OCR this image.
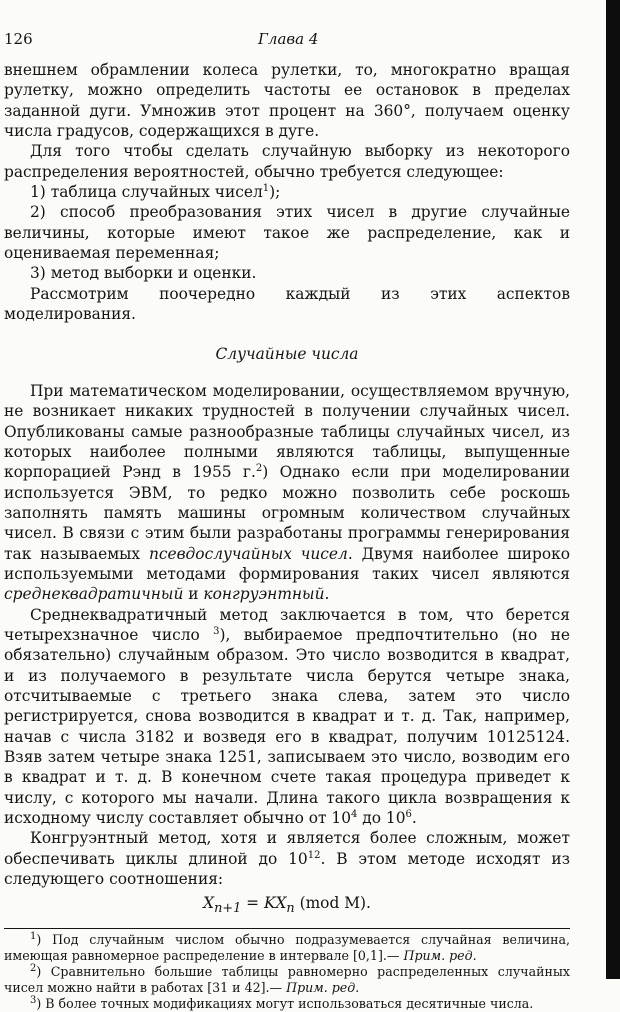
126	Глава 4

внешнем обрамлении колеса рулетки, то, многократно вращая рулетку, можно определить частоты ее остановок в пределах заданной дуги. Умножив этот процент на 360°, получаем оценку числа градусов, содержащихся в дуге.

Для того чтобы сделать случайную выборку из некоторого распределения вероятностей, обычно требуется следующее:

1) таблица случайных чисел$^1$);

2) способ преобразования этих чисел в другие случайные величины, которые имеют такое же распределение, как и оцениваемая переменная;

3) метод выборки и оценки.

Рассмотрим поочередно каждый из этих аспектов моделирования.

Случайные числа

При математическом моделировании, осуществляемом вручную, не возникает никаких трудностей в получении случайных чисел. Опубликованы самые разнообразные таблицы случайных чисел, из которых наиболее полными являются таблицы, выпущенные корпорацией Рэнд в 1955 г.$^2$) Однако если при моделировании используется ЭВМ, то редко можно позволить себе роскошь заполнять память машины огромным количеством случайных чисел. В связи с этим были разработаны программы генерирования так называемых псевдослучайных чисел. Двумя наиболее широко используемыми методами формирования таких чисел являются среднеквадратичный и конгруэнтный.

Среднеквадратичный метод заключается в том, что берется четырехзначное число $^3$), выбираемое предпочтительно (но не обязательно) случайным образом. Это число возводится в квадрат, и из получаемого в результате числа берутся четыре знака, отсчитываемые с третьего знака слева, затем это число регистрируется, снова возводится в квадрат и т. д. Так, например, начав с числа 3182 и возведя его в квадрат, получим 10125124. Взяв затем четыре знака 1251, записываем это число, возводим его в квадрат и т. д. В конечном счете такая процедура приведет к числу, с которого мы начали. Длина такого цикла возвращения к исходному числу составляет обычно от $10^4$ до $10^6$.

Конгруэнтный метод, хотя и является более сложным, может обеспечивать циклы длиной до $10^{12}$. В этом методе исходят из следующего соотношения:

$X_{n+1} = KX_n$ (mod M).

$^1$) Под случайным числом обычно подразумевается случайная величина, имеющая равномерное распределение в интервале [0,1].— Прим. ред.

$^2$) Сравнительно большие таблицы равномерно распределенных случайных чисел можно найти в работах [31 и 42].— Прим. ред.

$^3$) В более точных модификациях могут использоваться десятичные числа.
